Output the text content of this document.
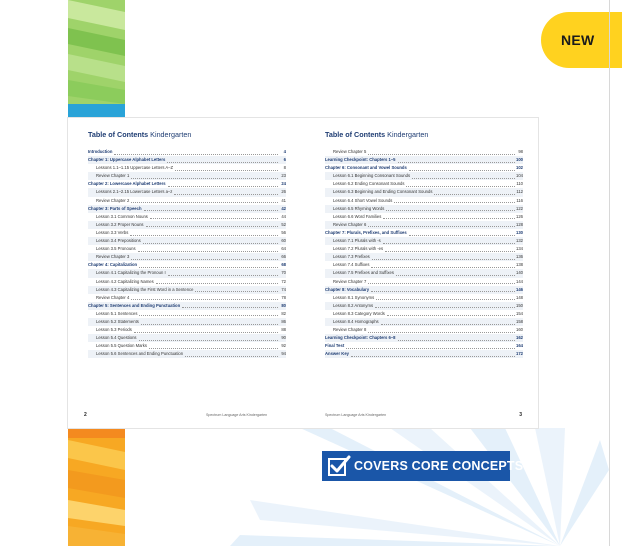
NEW
Table of Contents Kindergarten
Introduction	4
Chapter 1: Uppercase Alphabet Letters	6
Lessons 1.1–1.15 Uppercase Letters A–Z	8
Review Chapter 1	23
Chapter 2: Lowercase Alphabet Letters	24
Lessons 2.1–2.15 Lowercase Letters a–z	26
Review Chapter 2	41
Chapter 3: Parts of Speech	42
Lesson 3.1 Common Nouns	44
Lesson 3.2 Proper Nouns	52
Lesson 3.3 Verbs	56
Lesson 3.4 Prepositions	60
Lesson 3.5 Pronouns	64
Review Chapter 3	66
Chapter 4: Capitalization	68
Lesson 4.1 Capitalizing the Pronoun I	70
Lesson 4.2 Capitalizing Names	72
Lesson 4.3 Capitalizing the First Word in a Sentence	74
Review Chapter 4	78
Chapter 5: Sentences and Ending Punctuation	80
Lesson 5.1 Sentences	82
Lesson 5.2 Statements	86
Lesson 5.3 Periods	88
Lesson 5.4 Questions	90
Lesson 5.5 Question Marks	92
Lesson 5.6 Sentences and Ending Punctuation	94
2	Spectrum Language Arts Kindergarten
Table of Contents Kindergarten
Review Chapter 5	98
Learning Checkpoint: Chapters 1–5	100
Chapter 6: Consonant and Vowel Sounds	102
Lesson 6.1 Beginning Consonant Sounds	104
Lesson 6.2 Ending Consonant Sounds	110
Lesson 6.3 Beginning and Ending Consonant Sounds	112
Lesson 6.4 Short Vowel Sounds	116
Lesson 6.5 Rhyming Words	122
Lesson 6.6 Word Families	126
Review Chapter 6	128
Chapter 7: Plurals, Prefixes, and Suffixes	130
Lesson 7.1 Plurals with -s	132
Lesson 7.2 Plurals with -es	134
Lesson 7.3 Prefixes	136
Lesson 7.4 Suffixes	138
Lesson 7.5 Prefixes and Suffixes	140
Review Chapter 7	144
Chapter 8: Vocabulary	146
Lesson 8.1 Synonyms	148
Lesson 8.2 Antonyms	150
Lesson 8.3 Category Words	154
Lesson 8.4 Homographs	158
Review Chapter 8	160
Learning Checkpoint: Chapters 6–8	162
Final Test	164
Answer Key	172
3
Spectrum Language Arts Kindergarten
COVERS CORE CONCEPTS
